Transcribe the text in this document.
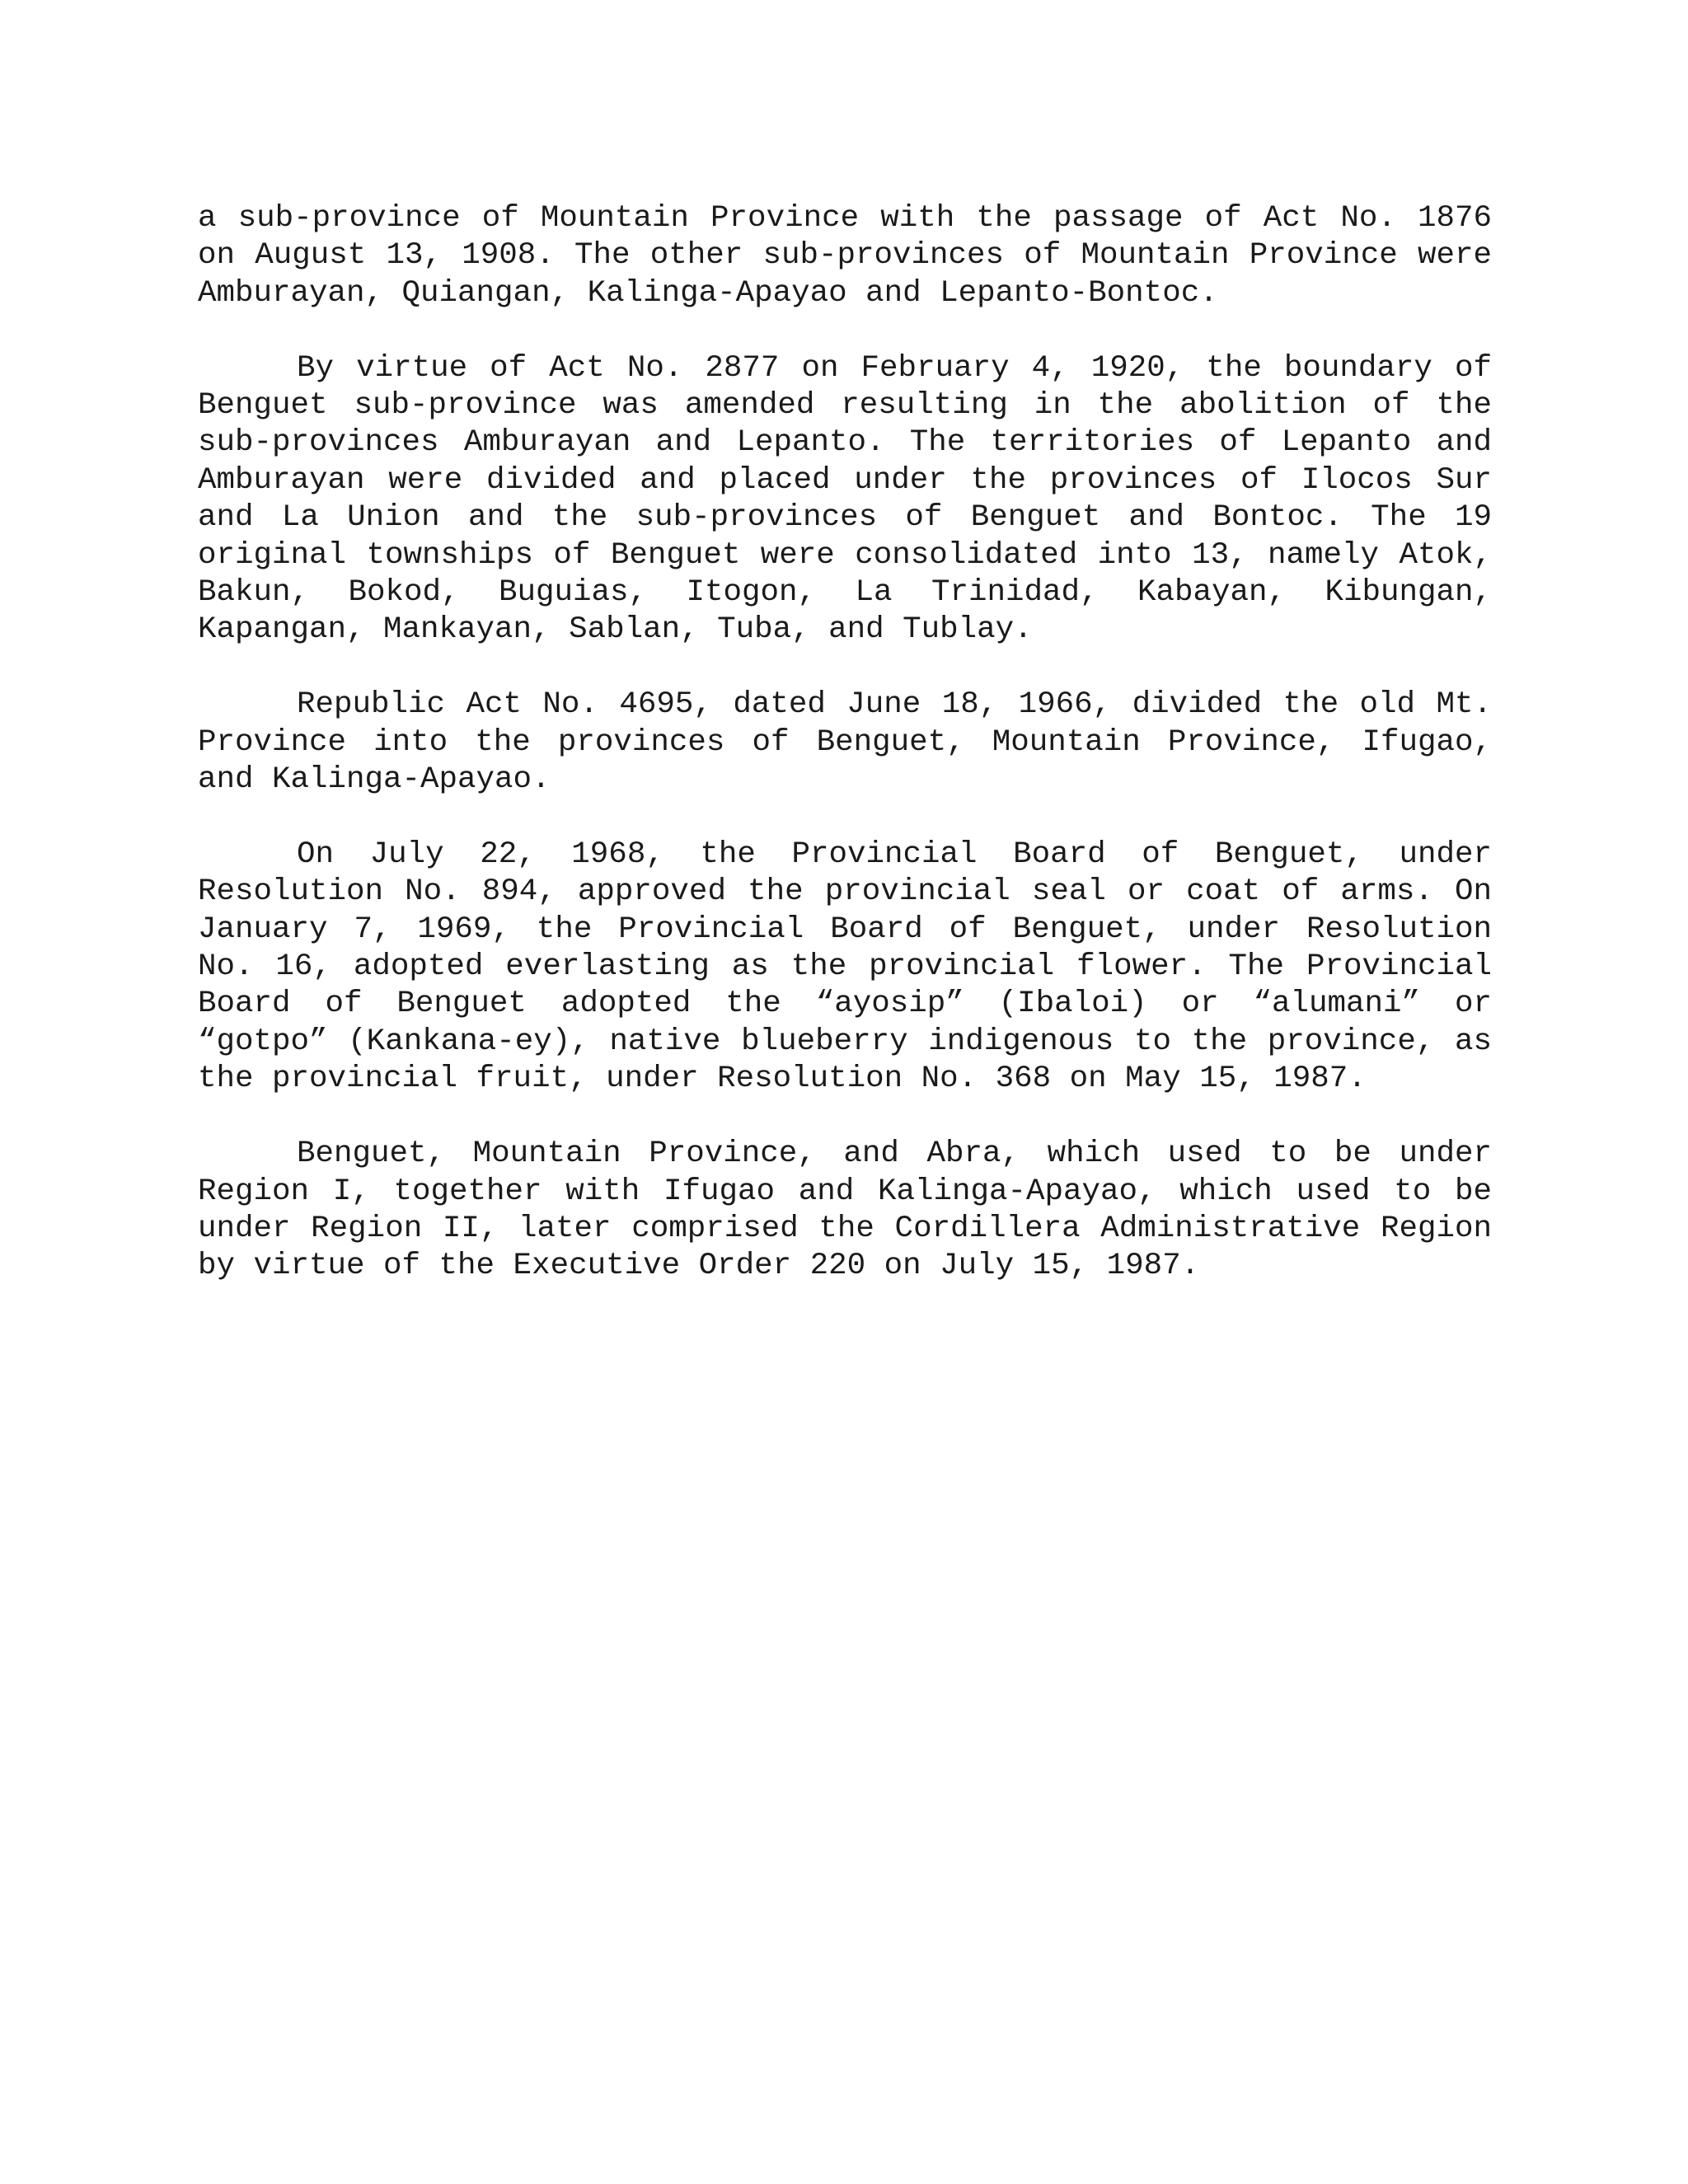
a sub-province of Mountain Province with the passage of Act No. 1876 on August 13, 1908. The other sub-provinces of Mountain Province were Amburayan, Quiangan, Kalinga-Apayao and Lepanto-Bontoc.

By virtue of Act No. 2877 on February 4, 1920, the boundary of Benguet sub-province was amended resulting in the abolition of the sub-provinces Amburayan and Lepanto. The territories of Lepanto and Amburayan were divided and placed under the provinces of Ilocos Sur and La Union and the sub-provinces of Benguet and Bontoc. The 19 original townships of Benguet were consolidated into 13, namely Atok, Bakun, Bokod, Buguias, Itogon, La Trinidad, Kabayan, Kibungan, Kapangan, Mankayan, Sablan, Tuba, and Tublay.

Republic Act No. 4695, dated June 18, 1966, divided the old Mt. Province into the provinces of Benguet, Mountain Province, Ifugao, and Kalinga-Apayao.

On July 22, 1968, the Provincial Board of Benguet, under Resolution No. 894, approved the provincial seal or coat of arms. On January 7, 1969, the Provincial Board of Benguet, under Resolution No. 16, adopted everlasting as the provincial flower. The Provincial Board of Benguet adopted the “ayosip” (Ibaloi) or “alumani” or “gotpo” (Kankana-ey), native blueberry indigenous to the province, as the provincial fruit, under Resolution No. 368 on May 15, 1987.

Benguet, Mountain Province, and Abra, which used to be under Region I, together with Ifugao and Kalinga-Apayao, which used to be under Region II, later comprised the Cordillera Administrative Region by virtue of the Executive Order 220 on July 15, 1987.
